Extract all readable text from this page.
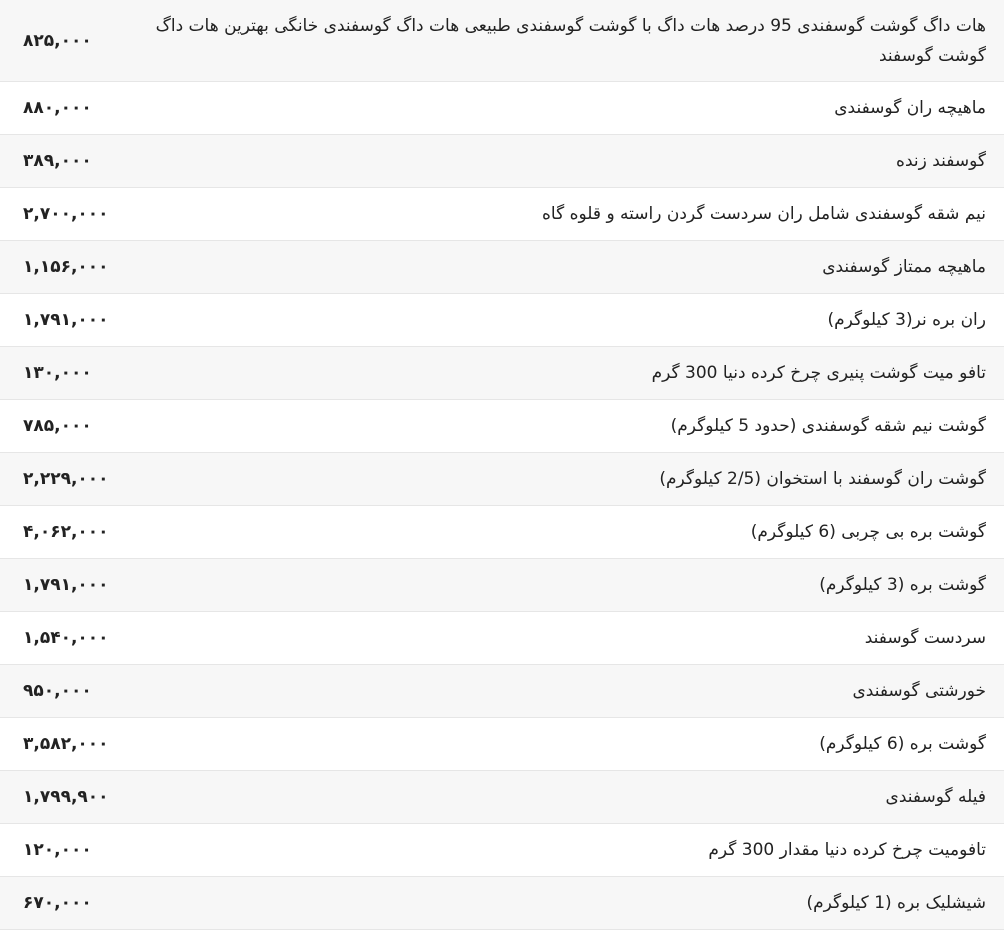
۸۲۵,۰۰۰	هات داگ گوشت گوسفندی 95 درصد هات داگ با گوشت گوسفندی طبیعی هات داگ گوسفندی خانگی بهترین هات داگ گوشت گوسفند
۸۸۰,۰۰۰	ماهیچه ران گوسفندی
۳۸۹,۰۰۰	گوسفند زنده
۲,۷۰۰,۰۰۰	نیم شقه گوسفندی شامل ران سردست گردن راسته و قلوه گاه
۱,۱۵۶,۰۰۰	ماهیچه ممتاز گوسفندی
۱,۷۹۱,۰۰۰	ران بره نر(3 کیلوگرم)
۱۳۰,۰۰۰	تافو میت گوشت پنیری چرخ کرده دنیا 300 گرم
۷۸۵,۰۰۰	گوشت نیم شقه گوسفندی (حدود 5 کیلوگرم)
۲,۲۲۹,۰۰۰	گوشت ران گوسفند با استخوان (2/5 کیلوگرم)
۴,۰۶۲,۰۰۰	گوشت بره بی چربی (6 کیلوگرم)
۱,۷۹۱,۰۰۰	گوشت بره (3 کیلوگرم)
۱,۵۴۰,۰۰۰	سردست گوسفند
۹۵۰,۰۰۰	خورشتی گوسفندی
۳,۵۸۲,۰۰۰	گوشت بره (6 کیلوگرم)
۱,۷۹۹,۹۰۰	فیله گوسفندی
۱۲۰,۰۰۰	تافومیت چرخ کرده دنیا مقدار 300 گرم
۶۷۰,۰۰۰	شیشلیک بره (1 کیلوگرم)
